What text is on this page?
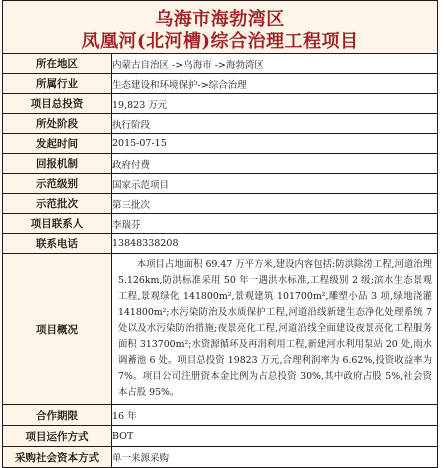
乌海市海勃湾区
凤凰河(北河槽)综合治理工程项目
所在地区	内蒙古自治区 ->乌海市 ->海勃湾区
所属行业	生态建设和环境保护->综合治理
项目总投资	19,823 万元
所处阶段	执行阶段
发起时间	2015-07-15
回报机制	政府付费
示范级别	国家示范项目
示范批次	第三批次
项目联系人	李瑞芬
联系电话	13848338208
项目概况	本项目占地面积 69.47 万平方米,建设内容包括:防洪除涝工程,河道治理 5.126km,防洪标准采用 50 年一遇洪水标准,工程级别 2 级;滨水生态景观工程,景观绿化 141800m²,景观建筑 101700m²,雕塑小品 3 项,绿地浇灌 141800m²;水污染防治及水质保护工程,河道沿线新建生态净化处理系统 7 处以及水污染防治措施;夜景亮化工程,河道沿线全面建设夜景亮化工程服务面积 313700m²;水资源循环及再涓利用工程,新建河水利用泵站 20 处,雨水调蓄池 6 处。项目总投资 19823 万元,合理利润率为 6.62%,投资收益率为 7%。项目公司注册资本金比例为占总投资 30%,其中政府占股 5%,社会资本占股 95%。
合作期限	16 年
项目运作方式	BOT
采购社会资本方式	单一来源采购
